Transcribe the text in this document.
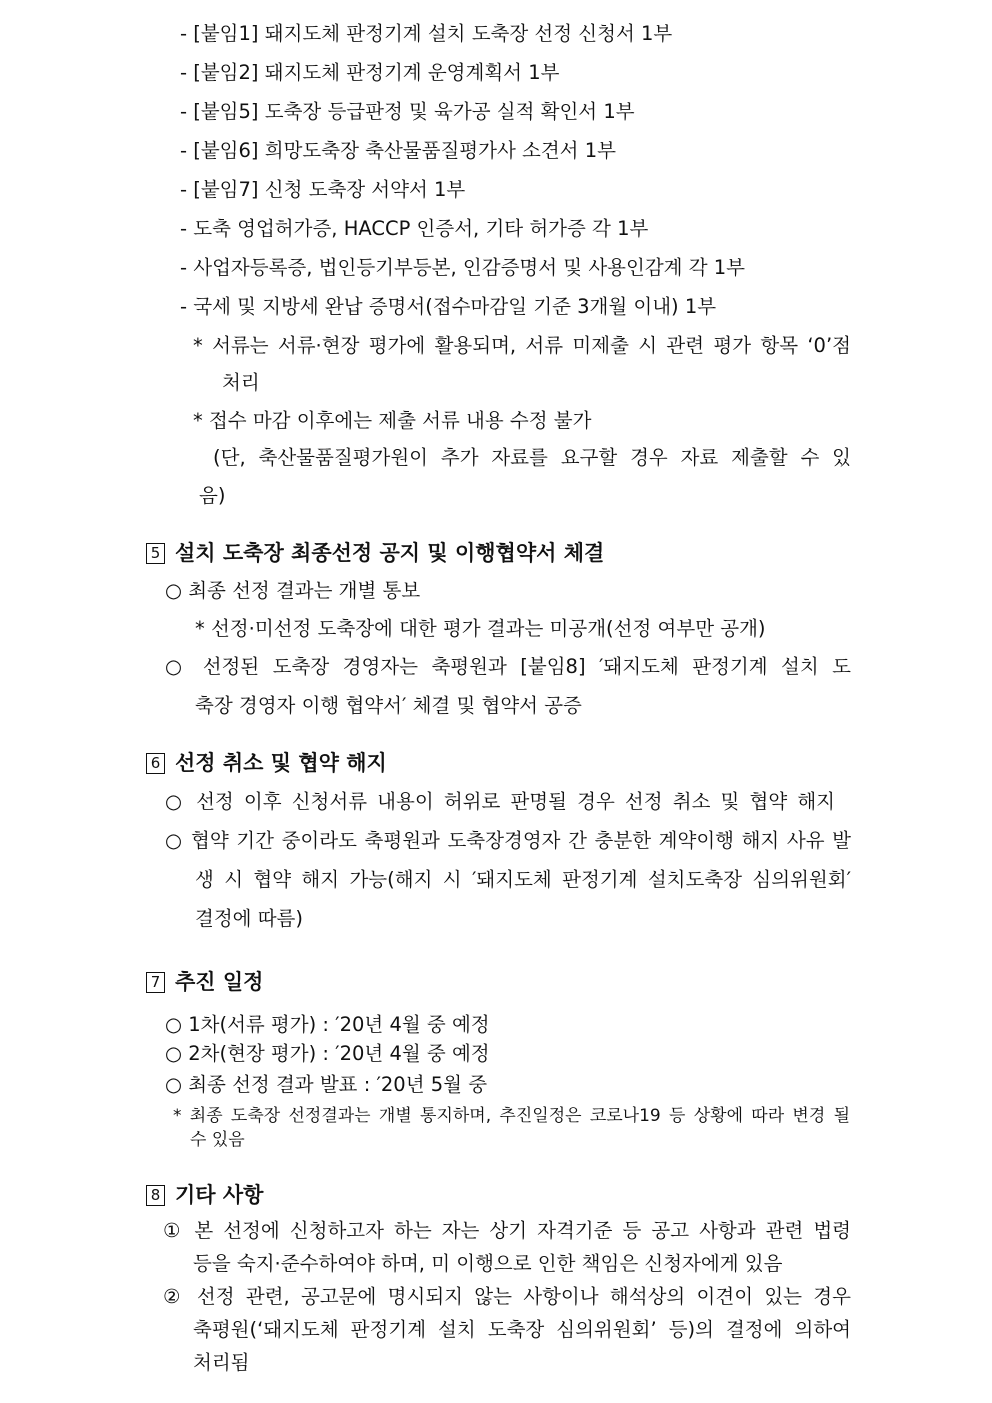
- [붙임1] 돼지도체 판정기계 설치 도축장 선정 신청서 1부
- [붙임2] 돼지도체 판정기계 운영계획서 1부
- [붙임5] 도축장 등급판정 및 육가공 실적 확인서 1부
- [붙임6] 희망도축장 축산물품질평가사 소견서 1부
- [붙임7] 신청 도축장 서약서 1부
- 도축 영업허가증, HACCP 인증서, 기타 허가증 각 1부
- 사업자등록증, 법인등기부등본, 인감증명서 및 사용인감계 각 1부
- 국세 및 지방세 완납 증명서(접수마감일 기준 3개월 이내) 1부
* 서류는 서류·현장 평가에 활용되며, 서류 미제출 시 관련 평가 항목 ‘0’점
처리
* 접수 마감 이후에는 제출 서류 내용 수정 불가
(단, 축산물품질평가원이 추가 자료를 요구할 경우 자료 제출할 수 있
음)
5 설치 도축장 최종선정 공지 및 이행협약서 체결
○ 최종 선정 결과는 개별 통보
* 선정·미선정 도축장에 대한 평가 결과는 미공개(선정 여부만 공개)
○ 선정된 도축장 경영자는 축평원과 [붙임8] ′돼지도체 판정기계 설치 도
축장 경영자 이행 협약서′ 체결 및 협약서 공증
6 선정 취소 및 협약 해지
○ 선정 이후 신청서류 내용이 허위로 판명될 경우 선정 취소 및 협약 해지
○ 협약 기간 중이라도 축평원과 도축장경영자 간 충분한 계약이행 해지 사유 발
생 시 협약 해지 가능(해지 시 ′돼지도체 판정기계 설치도축장 심의위원회′
결정에 따름)
7 추진 일정
○ 1차(서류 평가) : ′20년 4월 중 예정
○ 2차(현장 평가) : ′20년 4월 중 예정
○ 최종 선정 결과 발표 : ′20년 5월 중
* 최종 도축장 선정결과는 개별 통지하며, 추진일정은 코로나19 등 상황에 따라 변경 될
수 있음
8 기타 사항
① 본 선정에 신청하고자 하는 자는 상기 자격기준 등 공고 사항과 관련 법령
등을 숙지·준수하여야 하며, 미 이행으로 인한 책임은 신청자에게 있음
② 선정 관련, 공고문에 명시되지 않는 사항이나 해석상의 이견이 있는 경우
축평원(‘돼지도체 판정기계 설치 도축장 심의위원회’ 등)의 결정에 의하여
처리됨
